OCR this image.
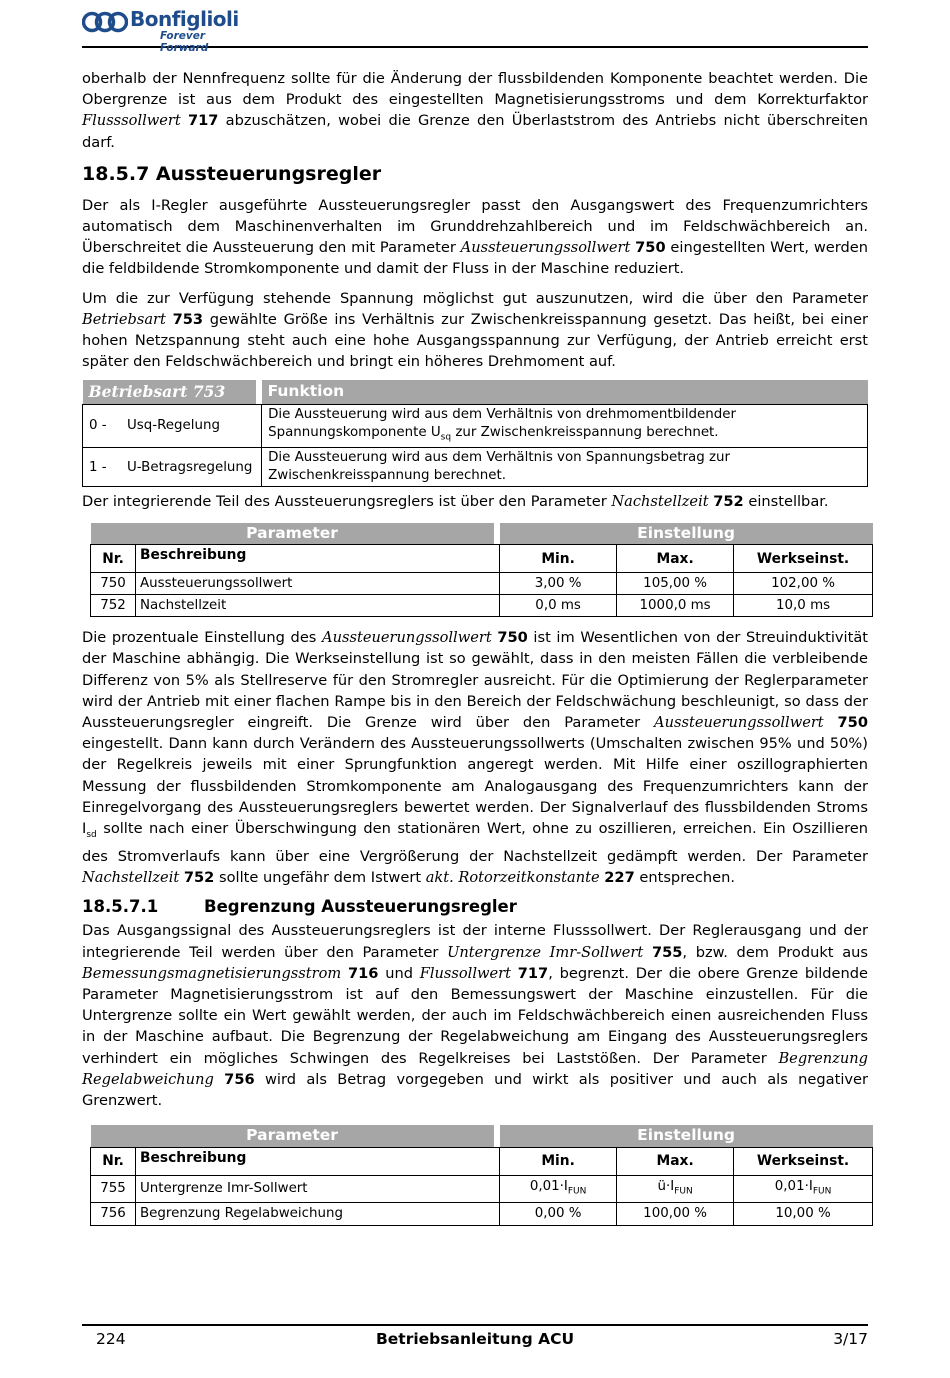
Bonfiglioli
Forever Forward

oberhalb der Nennfrequenz sollte für die Änderung der flussbildenden Komponente beachtet werden. Die Obergrenze ist aus dem Produkt des eingestellten Magnetisierungsstroms und dem Korrekturfaktor Flusssollwert 717 abzuschätzen, wobei die Grenze den Überlaststrom des Antriebs nicht überschreiten darf.

18.5.7 Aussteuerungsregler

Der als I-Regler ausgeführte Aussteuerungsregler passt den Ausgangswert des Frequenzumrichters automatisch dem Maschinenverhalten im Grunddrehzahlbereich und im Feldschwächbereich an. Überschreitet die Aussteuerung den mit Parameter Aussteuerungssollwert 750 eingestellten Wert, werden die feldbildende Stromkomponente und damit der Fluss in der Maschine reduziert.

Um die zur Verfügung stehende Spannung möglichst gut auszunutzen, wird die über den Parameter Betriebsart 753 gewählte Größe ins Verhältnis zur Zwischenkreisspannung gesetzt. Das heißt, bei einer hohen Netzspannung steht auch eine hohe Ausgangsspannung zur Verfügung, der Antrieb erreicht erst später den Feldschwächbereich und bringt ein höheres Drehmoment auf.

Betriebsart 753		Funktion
0 - Usq-Regelung		Die Aussteuerung wird aus dem Verhältnis von drehmomentbildender Spannungskomponente $U_{sq}$ zur Zwischenkreisspannung berechnet.
1 - U-Betragsregelung		Die Aussteuerung wird aus dem Verhältnis von Spannungsbetrag zur Zwischenkreisspannung berechnet.

Der integrierende Teil des Aussteuerungsreglers ist über den Parameter Nachstellzeit 752 einstellbar.

Parameter			Einstellung		
Nr.	Beschreibung		Min.	Max.	Werkseinst.
750	Aussteuerungssollwert		3,00 %	105,00 %	102,00 %
752	Nachstellzeit		0,0 ms	1000,0 ms	10,0 ms

Die prozentuale Einstellung des Aussteuerungssollwert 750 ist im Wesentlichen von der Streuinduktivität der Maschine abhängig. Die Werkseinstellung ist so gewählt, dass in den meisten Fällen die verbleibende Differenz von 5% als Stellreserve für den Stromregler ausreicht. Für die Optimierung der Reglerparameter wird der Antrieb mit einer flachen Rampe bis in den Bereich der Feldschwächung beschleunigt, so dass der Aussteuerungsregler eingreift. Die Grenze wird über den Parameter Aussteuerungssollwert 750 eingestellt. Dann kann durch Verändern des Aussteuerungssollwerts (Umschalten zwischen 95% und 50%) der Regelkreis jeweils mit einer Sprungfunktion angeregt werden. Mit Hilfe einer oszillographierten Messung der flussbildenden Stromkomponente am Analogausgang des Frequenzumrichters kann der Einregelvorgang des Aussteuerungsreglers bewertet werden. Der Signalverlauf des flussbildenden Stroms $I_{sd}$ sollte nach einer Überschwingung den stationären Wert, ohne zu oszillieren, erreichen. Ein Oszillieren des Stromverlaufs kann über eine Vergrößerung der Nachstellzeit gedämpft werden. Der Parameter Nachstellzeit 752 sollte ungefähr dem Istwert akt. Rotorzeitkonstante 227 entsprechen.

18.5.7.1	Begrenzung Aussteuerungsregler

Das Ausgangssignal des Aussteuerungsreglers ist der interne Flusssollwert. Der Reglerausgang und der integrierende Teil werden über den Parameter Untergrenze Imr-Sollwert 755, bzw. dem Produkt aus Bemessungsmagnetisierungsstrom 716 und Flussollwert 717, begrenzt. Der die obere Grenze bildende Parameter Magnetisierungsstrom ist auf den Bemessungswert der Maschine einzustellen. Für die Untergrenze sollte ein Wert gewählt werden, der auch im Feldschwächbereich einen ausreichenden Fluss in der Maschine aufbaut. Die Begrenzung der Regelabweichung am Eingang des Aussteuerungsreglers verhindert ein mögliches Schwingen des Regelkreises bei Laststößen. Der Parameter Begrenzung Regelabweichung 756 wird als Betrag vorgegeben und wirkt als positiver und auch als negativer Grenzwert.

Parameter			Einstellung		
Nr.	Beschreibung		Min.	Max.	Werkseinst.
755	Untergrenze Imr-Sollwert		$0,01\cdot I_{FUN}$	$ü\cdot I_{FUN}$	$0,01\cdot I_{FUN}$
756	Begrenzung Regelabweichung		0,00 %	100,00 %	10,00 %
224	Betriebsanleitung ACU	3/17
